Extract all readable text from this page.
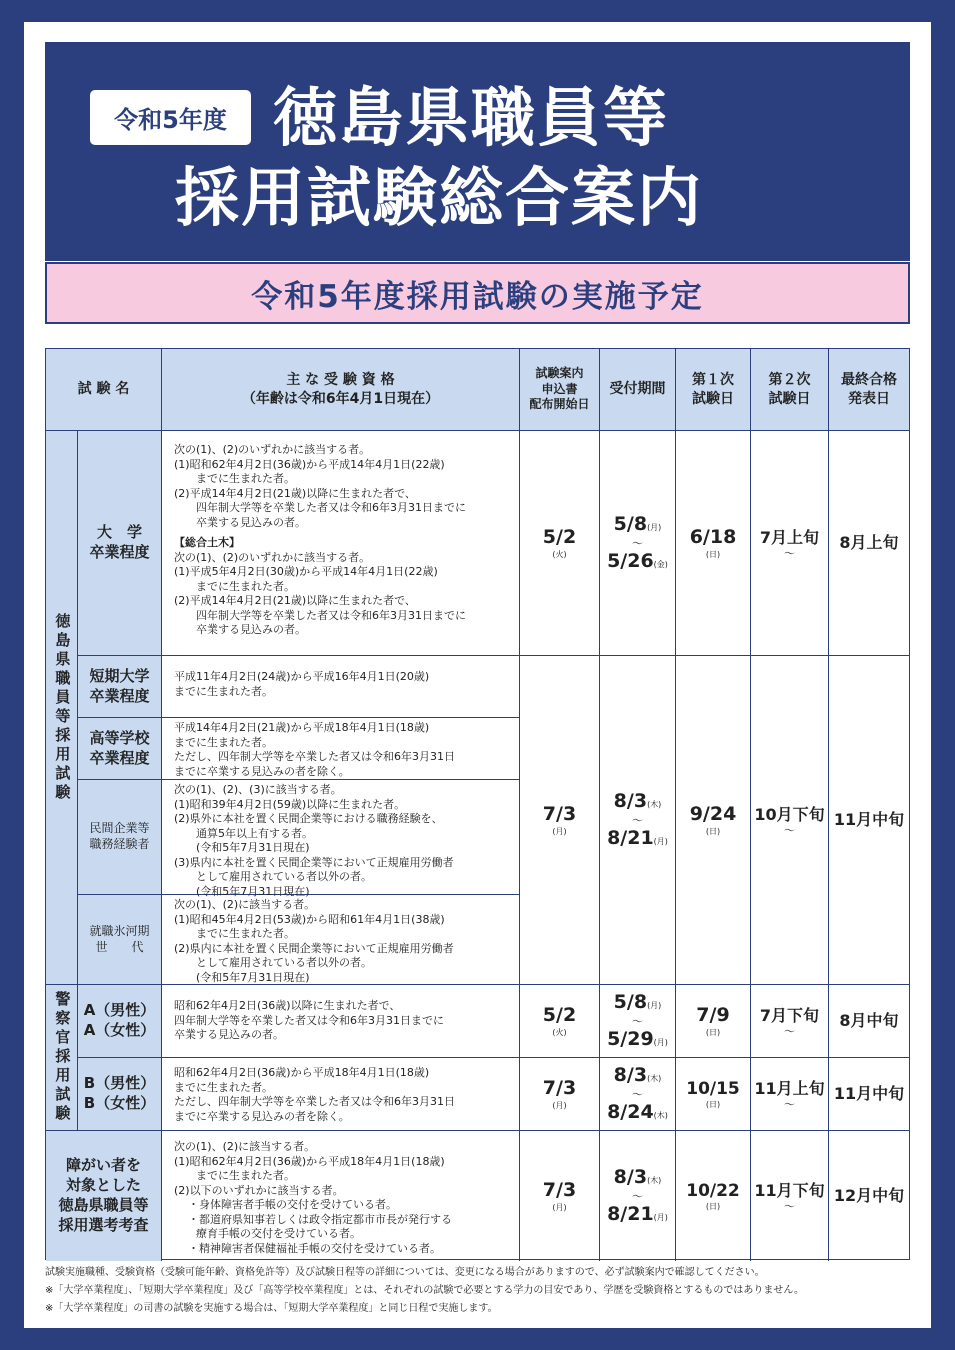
令和5年度 徳島県職員等
採用試験総合案内
令和5年度採用試験の実施予定
試 験 名
主 な 受 験 資 格
（年齢は令和6年4月1日現在）
試験案内
申込書
配布開始日
受付期間
第１次
試験日
第２次
試験日
最終合格
発表日
徳島県職員等採用試験
警察官採用試験
大　学
卒業程度
短期大学
卒業程度
高等学校
卒業程度
民間企業等
職務経験者
就職氷河期
世　　代
A（男性）
A（女性）
B（男性）
B（女性）
障がい者を
対象とした
徳島県職員等
採用選考考査
次の(1)、(2)のいずれかに該当する者。
(1)昭和62年4月2日(36歳)から平成14年4月1日(22歳)
までに生まれた者。
(2)平成14年4月2日(21歳)以降に生まれた者で、
四年制大学等を卒業した者又は令和6年3月31日までに
卒業する見込みの者。
【総合土木】
次の(1)、(2)のいずれかに該当する者。
(1)平成5年4月2日(30歳)から平成14年4月1日(22歳)
までに生まれた者。
(2)平成14年4月2日(21歳)以降に生まれた者で、
四年制大学等を卒業した者又は令和6年3月31日までに
卒業する見込みの者。
平成11年4月2日(24歳)から平成16年4月1日(20歳)
までに生まれた者。
平成14年4月2日(21歳)から平成18年4月1日(18歳)
までに生まれた者。
ただし、四年制大学等を卒業した者又は令和6年3月31日
までに卒業する見込みの者を除く。
次の(1)、(2)、(3)に該当する者。
(1)昭和39年4月2日(59歳)以降に生まれた者。
(2)県外に本社を置く民間企業等における職務経験を、
通算5年以上有する者。
(令和5年7月31日現在)
(3)県内に本社を置く民間企業等において正規雇用労働者
として雇用されている者以外の者。
(令和5年7月31日現在)
次の(1)、(2)に該当する者。
(1)昭和45年4月2日(53歳)から昭和61年4月1日(38歳)
までに生まれた者。
(2)県内に本社を置く民間企業等において正規雇用労働者
として雇用されている者以外の者。
(令和5年7月31日現在)
昭和62年4月2日(36歳)以降に生まれた者で、
四年制大学等を卒業した者又は令和6年3月31日までに
卒業する見込みの者。
昭和62年4月2日(36歳)から平成18年4月1日(18歳)
までに生まれた者。
ただし、四年制大学等を卒業した者又は令和6年3月31日
までに卒業する見込みの者を除く。
次の(1)、(2)に該当する者。
(1)昭和62年4月2日(36歳)から平成18年4月1日(18歳)
までに生まれた者。
(2)以下のいずれかに該当する者。
・身体障害者手帳の交付を受けている者。
・都道府県知事若しくは政令指定都市市長が発行する
療育手帳の交付を受けている者。
・精神障害者保健福祉手帳の交付を受けている者。
5/2
(火)
5/8(月)
～
5/26(金)
6/18
(日)
7月上旬
～
8月上旬
7/3
(月)
8/3(木)
～
8/21(月)
9/24
(日)
10月下旬
～
11月中旬
5/2
(火)
5/8(月)
～
5/29(月)
7/9
(日)
7月下旬
～
8月中旬
7/3
(月)
8/3(木)
～
8/24(木)
10/15
(日)
11月上旬
～
11月中旬
7/3
(月)
8/3(木)
～
8/21(月)
10/22
(日)
11月下旬
～
12月中旬
試験実施職種、受験資格（受験可能年齢、資格免許等）及び試験日程等の詳細については、変更になる場合がありますので、必ず試験案内で確認してください。
※「大学卒業程度」、「短期大学卒業程度」及び「高等学校卒業程度」とは、それぞれの試験で必要とする学力の目安であり、学歴を受験資格とするものではありません。
※「大学卒業程度」の司書の試験を実施する場合は、「短期大学卒業程度」と同じ日程で実施します。
